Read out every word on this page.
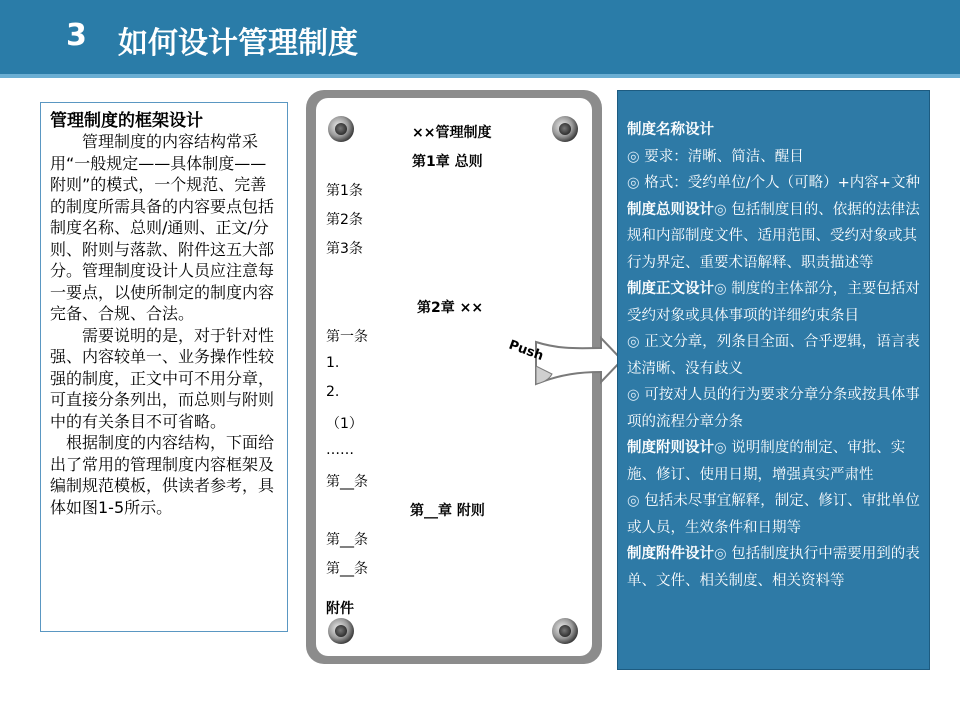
3 如何设计管理制度
管理制度的框架设计

管理制度的内容结构常采用“一般规定——具体制度——附则”的模式，一个规范、完善的制度所需具备的内容要点包括制度名称、总则/通则、正文/分则、附则与落款、附件这五大部分。管理制度设计人员应注意每一要点，以使所制定的制度内容完备、合规、合法。

需要说明的是，对于针对性强、内容较单一、业务操作性较强的制度，正文中可不用分章，可直接分条列出，而总则与附则中的有关条目不可省略。

根据制度的内容结构，下面给出了常用的管理制度内容框架及编制规范模板，供读者参考，具体如图1-5所示。

××管理制度
第1章 总则
第1条
第2条
第3条
第2章 ××
第一条
1.
2.
（1）
……
第__条
第__章 附则
第__条
第__条
附件
Push

制度名称设计

◎ 要求：清晰、简洁、醒目

◎ 格式：受约单位/个人（可略）+内容+文种

制度总则设计◎ 包括制度目的、依据的法律法规和内部制度文件、适用范围、受约对象或其行为界定、重要术语解释、职责描述等

制度正文设计◎ 制度的主体部分，主要包括对受约对象或具体事项的详细约束条目

◎ 正文分章，列条目全面、合乎逻辑，语言表述清晰、没有歧义

◎ 可按对人员的行为要求分章分条或按具体事项的流程分章分条

制度附则设计◎ 说明制度的制定、审批、实施、修订、使用日期，增强真实严肃性

◎ 包括未尽事宜解释，制定、修订、审批单位或人员，生效条件和日期等

制度附件设计◎ 包括制度执行中需要用到的表单、文件、相关制度、相关资料等
